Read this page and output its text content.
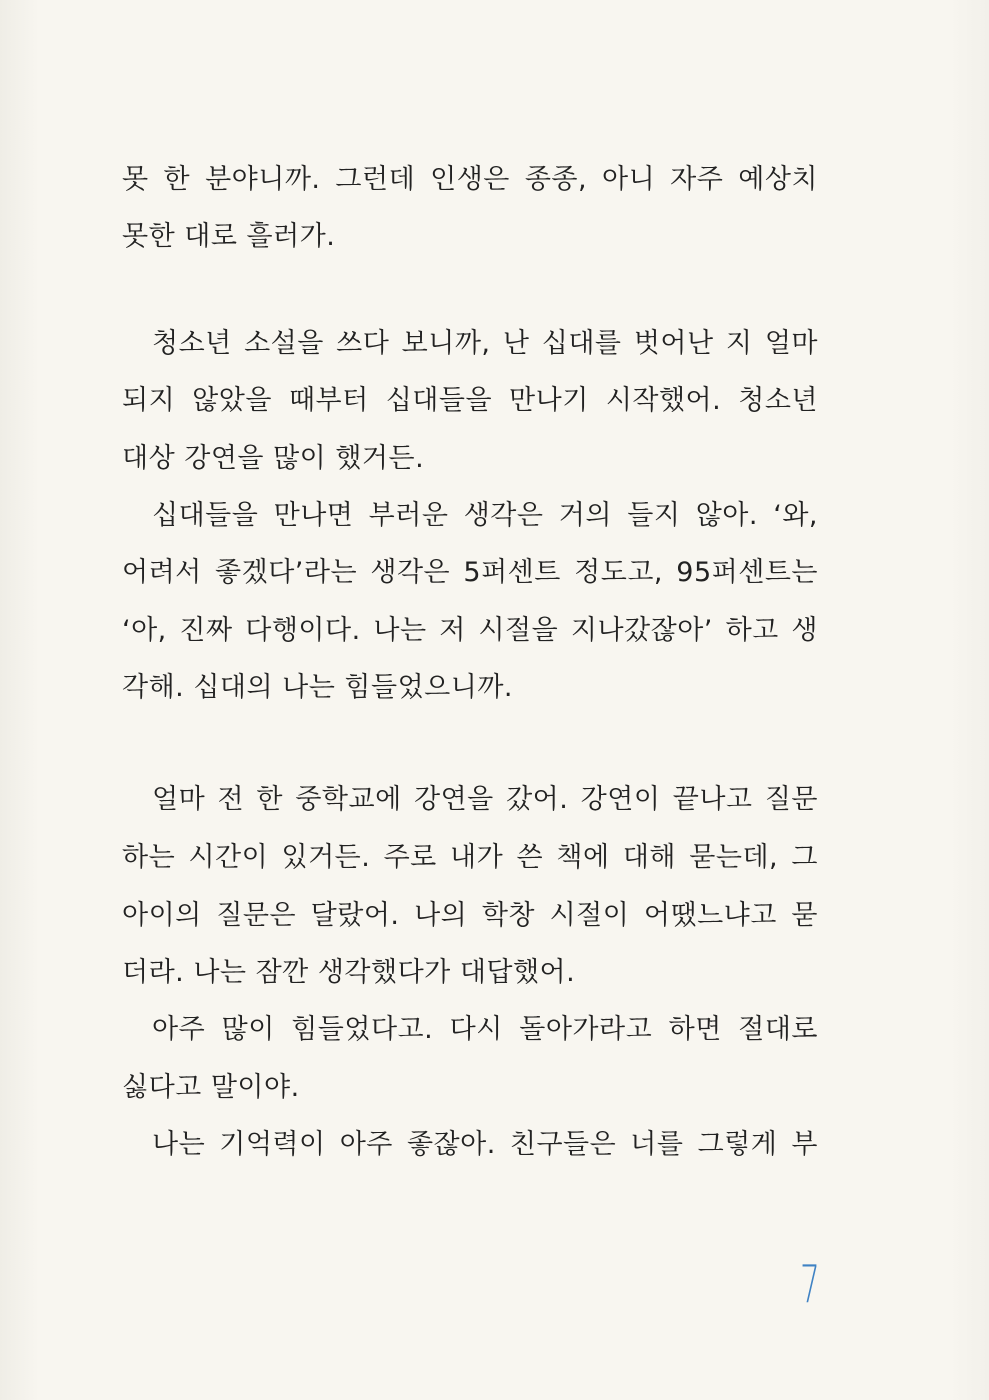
못 한 분야니까. 그런데 인생은 종종, 아니 자주 예상치
못한 대로 흘러가.
청소년 소설을 쓰다 보니까, 난 십대를 벗어난 지 얼마
되지 않았을 때부터 십대들을 만나기 시작했어. 청소년
대상 강연을 많이 했거든.
십대들을 만나면 부러운 생각은 거의 들지 않아. ‘와,
어려서 좋겠다’라는 생각은 5퍼센트 정도고, 95퍼센트는
‘아, 진짜 다행이다. 나는 저 시절을 지나갔잖아’ 하고 생
각해. 십대의 나는 힘들었으니까.
얼마 전 한 중학교에 강연을 갔어. 강연이 끝나고 질문
하는 시간이 있거든. 주로 내가 쓴 책에 대해 묻는데, 그
아이의 질문은 달랐어. 나의 학창 시절이 어땠느냐고 묻
더라. 나는 잠깐 생각했다가 대답했어.
아주 많이 힘들었다고. 다시 돌아가라고 하면 절대로
싫다고 말이야.
나는 기억력이 아주 좋잖아. 친구들은 너를 그렇게 부
7
